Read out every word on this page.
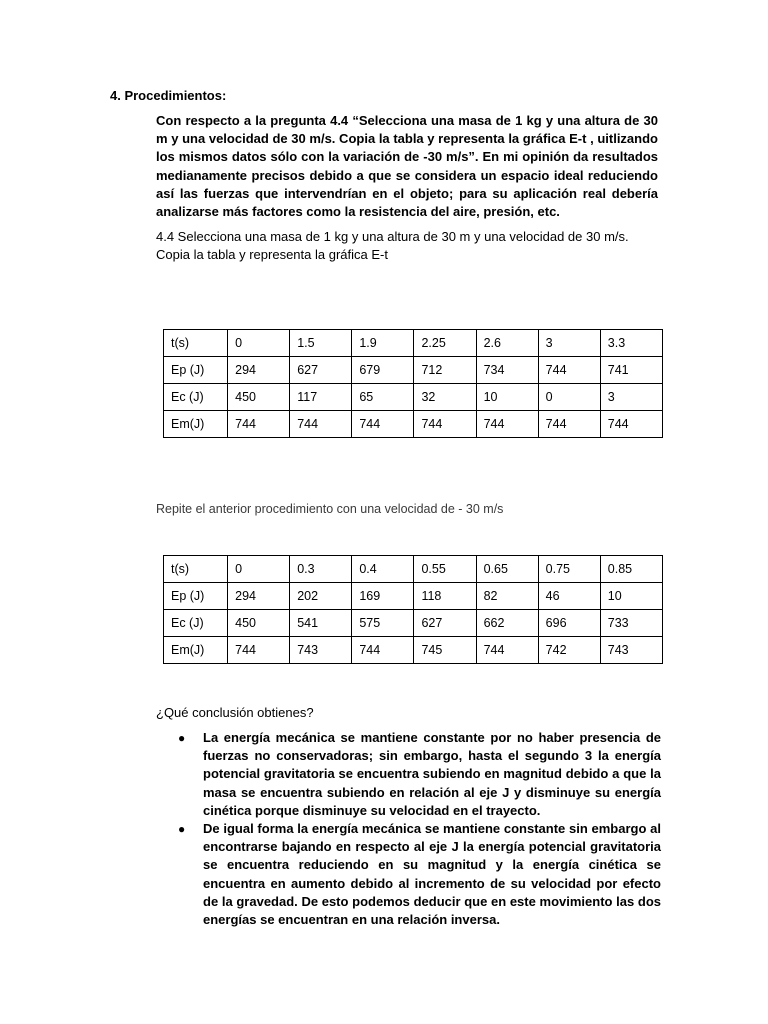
4. Procedimientos:

Con respecto a la pregunta 4.4 “Selecciona una masa de 1 kg y una altura de 30 m y una velocidad de 30 m/s. Copia la tabla y representa la gráfica E-t , uitlizando los mismos datos sólo con la variación de -30 m/s”. En mi opinión da resultados medianamente precisos debido a que se considera un espacio ideal reduciendo así las fuerzas que intervendrían en el objeto; para su aplicación real debería analizarse más factores como la resistencia del aire, presión, etc.

4.4 Selecciona una masa de 1 kg y una altura de 30 m y una velocidad de 30 m/s. Copia la tabla y representa la gráfica E-t

t(s)	0	1.5	1.9	2.25	2.6	3	3.3
Ep (J)	294	627	679	712	734	744	741
Ec (J)	450	117	65	32	10	0	3
Em(J)	744	744	744	744	744	744	744

Repite el anterior procedimiento con una velocidad de - 30 m/s

t(s)	0	0.3	0.4	0.55	0.65	0.75	0.85
Ep (J)	294	202	169	118	82	46	10
Ec (J)	450	541	575	627	662	696	733
Em(J)	744	743	744	745	744	742	743

¿Qué conclusión obtienes?

● La energía mecánica se mantiene constante por no haber presencia de fuerzas no conservadoras; sin embargo, hasta el segundo 3 la energía potencial gravitatoria se encuentra subiendo en magnitud debido a que la masa se encuentra subiendo en relación al eje J y disminuye su energía cinética porque disminuye su velocidad en el trayecto.
● De igual forma la energía mecánica se mantiene constante sin embargo al encontrarse bajando en respecto al eje J la energía potencial gravitatoria se encuentra reduciendo en su magnitud y la energía cinética se encuentra en aumento debido al incremento de su velocidad por efecto de la gravedad. De esto podemos deducir que en este movimiento las dos energías se encuentran en una relación inversa.
